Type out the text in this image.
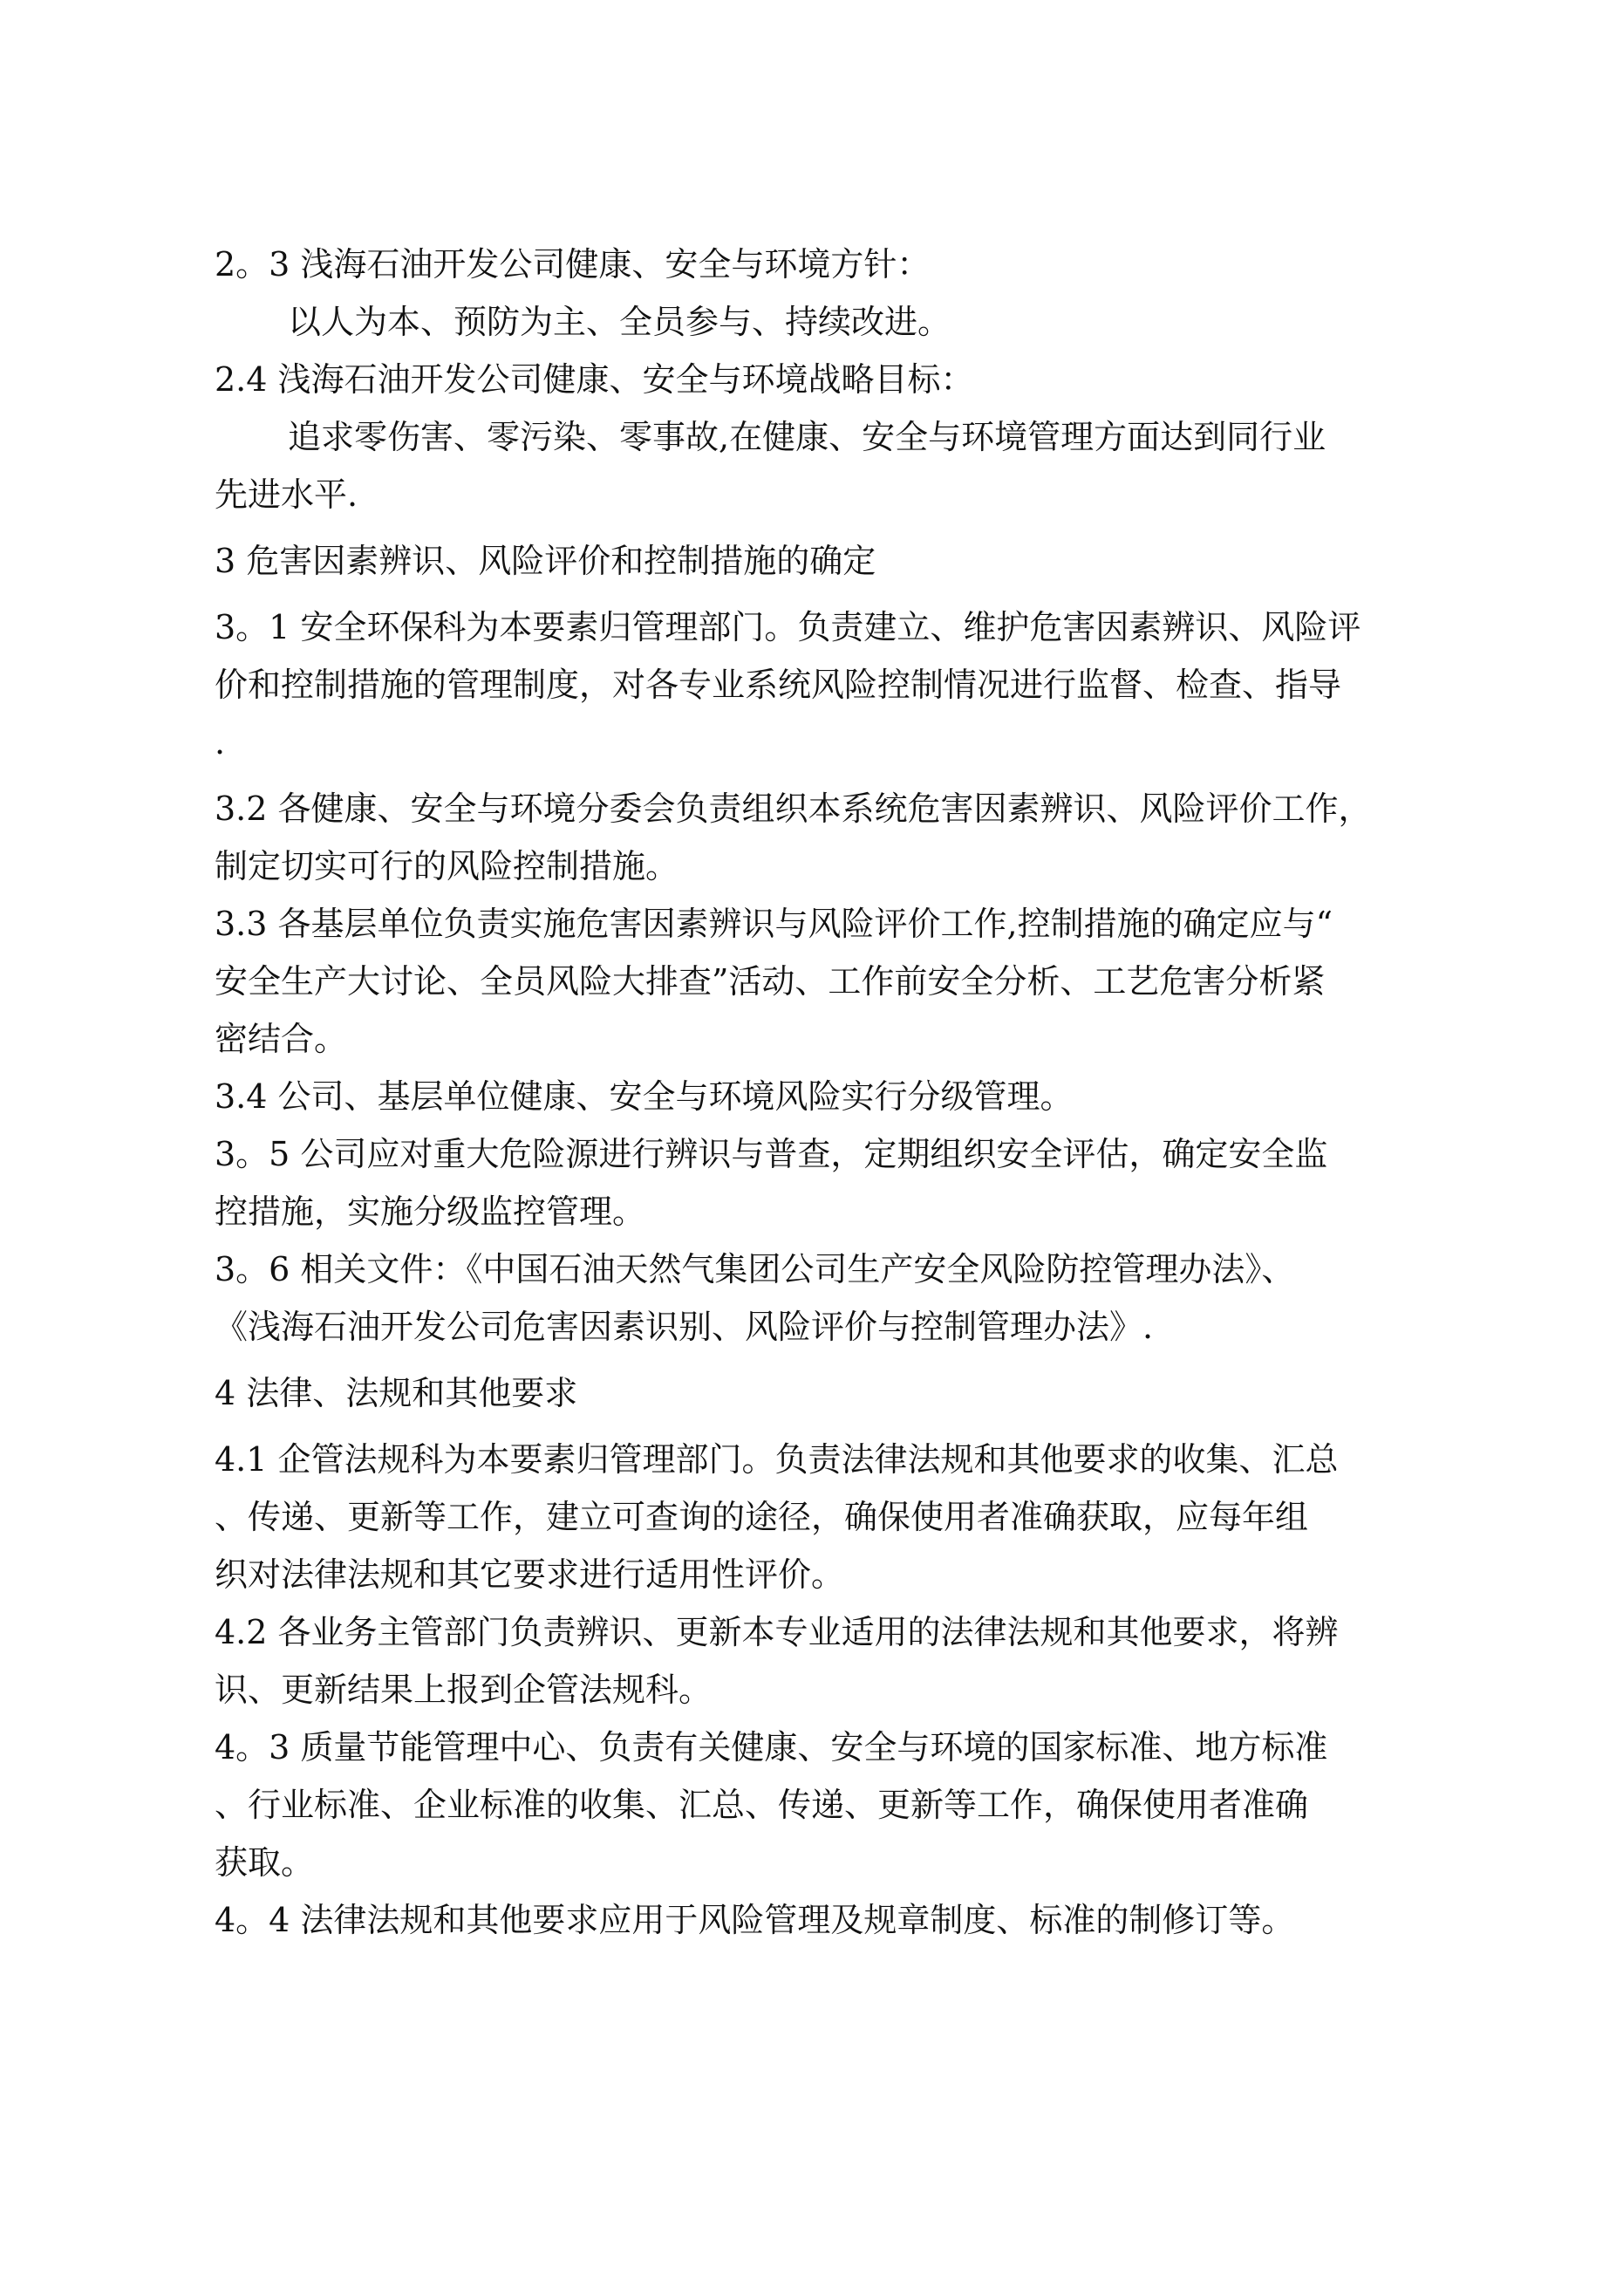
2。3 浅海石油开发公司健康、安全与环境方针：
以人为本、预防为主、全员参与、持续改进。
2.4 浅海石油开发公司健康、安全与环境战略目标：
追求零伤害、零污染、零事故,在健康、安全与环境管理方面达到同行业
先进水平.
3 危害因素辨识、风险评价和控制措施的确定
3。1 安全环保科为本要素归管理部门。负责建立、维护危害因素辨识、风险评
价和控制措施的管理制度，对各专业系统风险控制情况进行监督、检查、指导
.
3.2 各健康、安全与环境分委会负责组织本系统危害因素辨识、风险评价工作，
制定切实可行的风险控制措施。
3.3 各基层单位负责实施危害因素辨识与风险评价工作,控制措施的确定应与“
安全生产大讨论、全员风险大排查”活动、工作前安全分析、工艺危害分析紧
密结合。
3.4 公司、基层单位健康、安全与环境风险实行分级管理。
3。5 公司应对重大危险源进行辨识与普查，定期组织安全评估，确定安全监
控措施，实施分级监控管理。
3。6 相关文件：《中国石油天然气集团公司生产安全风险防控管理办法》、
《浅海石油开发公司危害因素识别、风险评价与控制管理办法》.
4 法律、法规和其他要求
4.1 企管法规科为本要素归管理部门。负责法律法规和其他要求的收集、汇总
、传递、更新等工作，建立可查询的途径，确保使用者准确获取，应每年组
织对法律法规和其它要求进行适用性评价。
4.2 各业务主管部门负责辨识、更新本专业适用的法律法规和其他要求，将辨
识、更新结果上报到企管法规科。
4。3 质量节能管理中心、负责有关健康、安全与环境的国家标准、地方标准
、行业标准、企业标准的收集、汇总、传递、更新等工作，确保使用者准确
获取。
4。4 法律法规和其他要求应用于风险管理及规章制度、标准的制修订等。
